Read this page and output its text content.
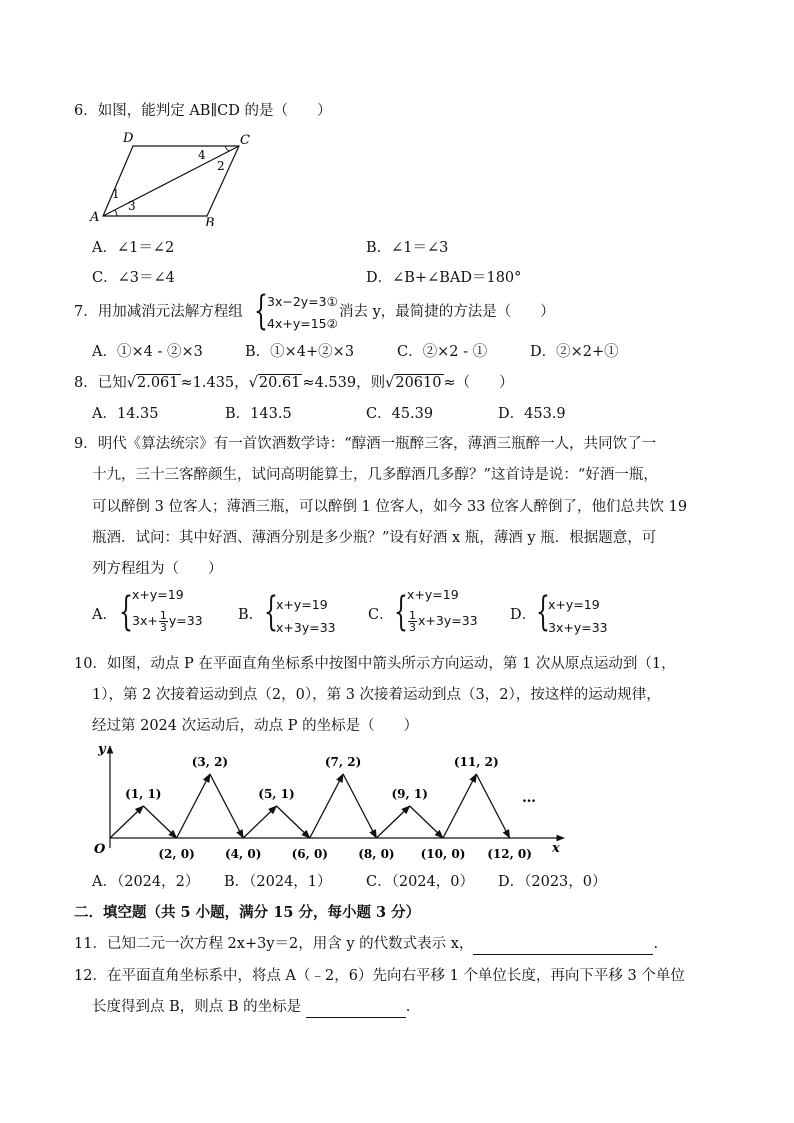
6．如图，能判定 AB∥CD 的是（　　）
A	B
C
D
1
2
3
4
A．∠1＝∠2	B．∠1＝∠3
C．∠3＝∠4	D．∠B+∠BAD＝180°
7．用加减消元法解方程组 { 3x−2y=3①
4x+y=15②
消去 y，最简捷的方法是（　　）
A．①×4 - ②×3	B．①×4+②×3	C．②×2 - ①	D．②×2+①
8．已知√2.061 ≈1.435，√20.61 ≈4.539，则√20610 ≈（　　）
A．14.35	B．143.5	C．45.39	D．453.9
9．明代《算法统宗》有一首饮酒数学诗：“醇酒一瓶醉三客，薄酒三瓶醉一人，共同饮了一
十九，三十三客醉颜生，试问高明能算士，几多醇酒几多醇？”这首诗是说：“好酒一瓶，
可以醉倒 3 位客人；薄酒三瓶，可以醉倒 1 位客人，如今 33 位客人醉倒了，他们总共饮 19
瓶酒．试问：其中好酒、薄酒分别是多少瓶？”设有好酒 x 瓶，薄酒 y 瓶．根据题意，可
列方程组为（　　）
A． { x+y=19
$3x+ \frac{1}{3} y=33$ B． {
x+y=19
x+3y=33
C． { x+y=19
$\frac{1}{3} x+3y=33$ D． {
x+y=19
3x+y=33
10．如图，动点 P 在平面直角坐标系中按图中箭头所示方向运动，第 1 次从原点运动到（1，
1），第 2 次接着运动到点（2，0），第 3 次接着运动到点（3，2），按这样的运动规律，
经过第 2024 次运动后，动点 P 的坐标是（　　）
y
x
O
(1, 1)
(3, 2)
(5, 1)
(7, 2)
(9, 1)
(11, 2)
(2, 0)	(4, 0)	(6, 0)	(8, 0) (10, 0) (12, 0)
…
A．（2024，2） B．（2024，1） C．（2024，0） D．（2023，0）
二．填空题（共 5 小题，满分 15 分，每小题 3 分）
11．已知二元一次方程 2x+3y＝2，用含 y 的代数式表示 x，	.
12．在平面直角坐标系中，将点 A（﹣2，6）先向右平移 1 个单位长度，再向下平移 3 个单位
长度得到点 B，则点 B 的坐标是	.
